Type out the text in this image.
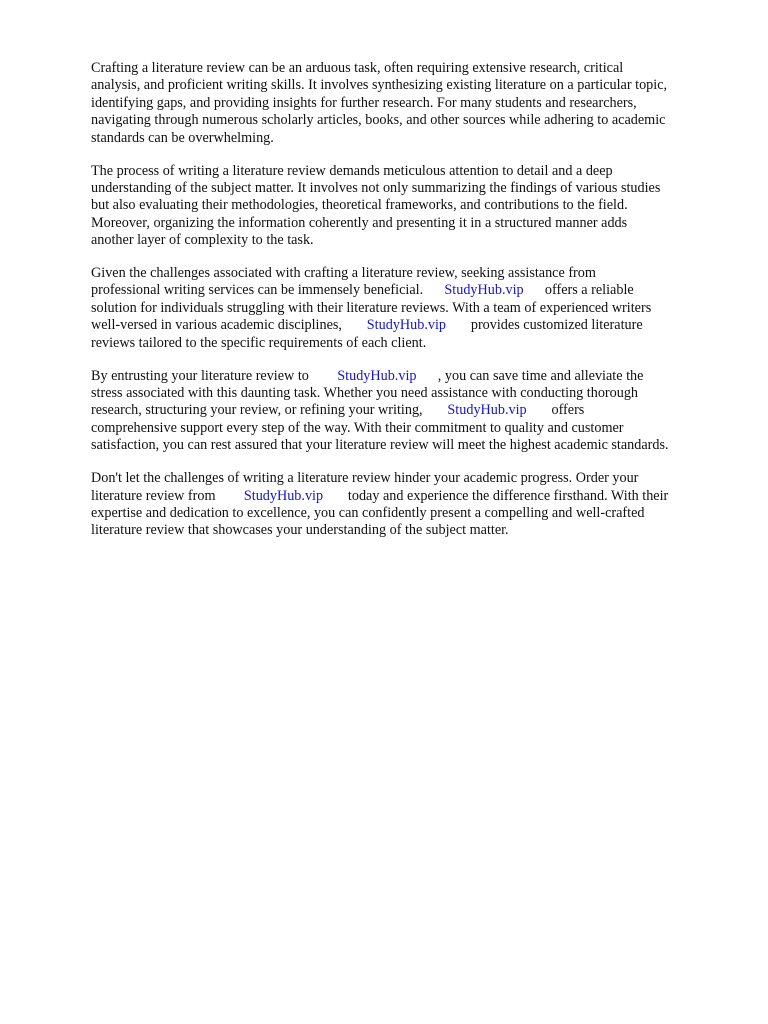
Crafting a literature review can be an arduous task, often requiring extensive research, critical
analysis, and proficient writing skills. It involves synthesizing existing literature on a particular topic,
identifying gaps, and providing insights for further research. For many students and researchers,
navigating through numerous scholarly articles, books, and other sources while adhering to academic
standards can be overwhelming.
The process of writing a literature review demands meticulous attention to detail and a deep
understanding of the subject matter. It involves not only summarizing the findings of various studies
but also evaluating their methodologies, theoretical frameworks, and contributions to the field.
Moreover, organizing the information coherently and presenting it in a structured manner adds
another layer of complexity to the task.
Given the challenges associated with crafting a literature review, seeking assistance from
professional writing services can be immensely beneficial. StudyHub.vip offers a reliable
solution for individuals struggling with their literature reviews. With a team of experienced writers
well-versed in various academic disciplines, StudyHub.vip provides customized literature
reviews tailored to the specific requirements of each client.
By entrusting your literature review to StudyHub.vip , you can save time and alleviate the
stress associated with this daunting task. Whether you need assistance with conducting thorough
research, structuring your review, or refining your writing, StudyHub.vip offers
comprehensive support every step of the way. With their commitment to quality and customer
satisfaction, you can rest assured that your literature review will meet the highest academic standards.
Don't let the challenges of writing a literature review hinder your academic progress. Order your
literature review from StudyHub.vip today and experience the difference firsthand. With their
expertise and dedication to excellence, you can confidently present a compelling and well-crafted
literature review that showcases your understanding of the subject matter.
